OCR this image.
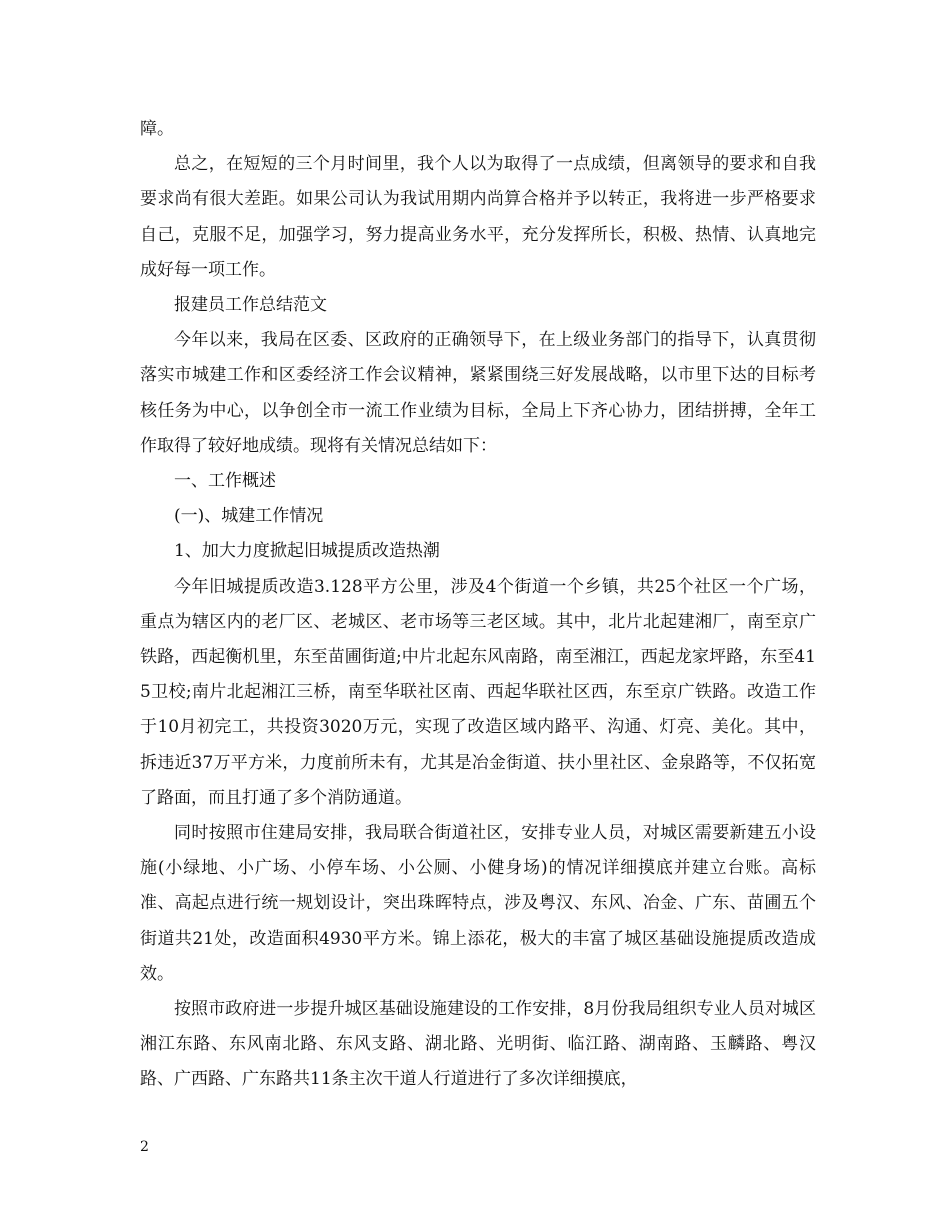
障。

总之，在短短的三个月时间里，我个人以为取得了一点成绩，但离领导的要求和自我要求尚有很大差距。如果公司认为我试用期内尚算合格并予以转正，我将进一步严格要求自己，克服不足，加强学习，努力提高业务水平，充分发挥所长，积极、热情、认真地完成好每一项工作。

报建员工作总结范文

今年以来，我局在区委、区政府的正确领导下，在上级业务部门的指导下，认真贯彻落实市城建工作和区委经济工作会议精神，紧紧围绕三好发展战略，以市里下达的目标考核任务为中心，以争创全市一流工作业绩为目标，全局上下齐心协力，团结拼搏，全年工作取得了较好地成绩。现将有关情况总结如下：

一、工作概述

(一)、城建工作情况

1、加大力度掀起旧城提质改造热潮

今年旧城提质改造3.128平方公里，涉及4个街道一个乡镇，共25个社区一个广场，重点为辖区内的老厂区、老城区、老市场等三老区域。其中，北片北起建湘厂，南至京广铁路，西起衡机里，东至苗圃街道;中片北起东风南路，南至湘江，西起龙家坪路，东至415卫校;南片北起湘江三桥，南至华联社区南、西起华联社区西，东至京广铁路。改造工作于10月初完工，共投资3020万元，实现了改造区域内路平、沟通、灯亮、美化。其中，拆违近37万平方米，力度前所未有，尤其是冶金街道、扶小里社区、金泉路等，不仅拓宽了路面，而且打通了多个消防通道。

同时按照市住建局安排，我局联合街道社区，安排专业人员，对城区需要新建五小设施(小绿地、小广场、小停车场、小公厕、小健身场)的情况详细摸底并建立台账。高标准、高起点进行统一规划设计，突出珠晖特点，涉及粤汉、东风、冶金、广东、苗圃五个街道共21处，改造面积4930平方米。锦上添花，极大的丰富了城区基础设施提质改造成效。

按照市政府进一步提升城区基础设施建设的工作安排，8月份我局组织专业人员对城区湘江东路、东风南北路、东风支路、湖北路、光明街、临江路、湖南路、玉麟路、粤汉路、广西路、广东路共11条主次干道人行道进行了多次详细摸底，

2
